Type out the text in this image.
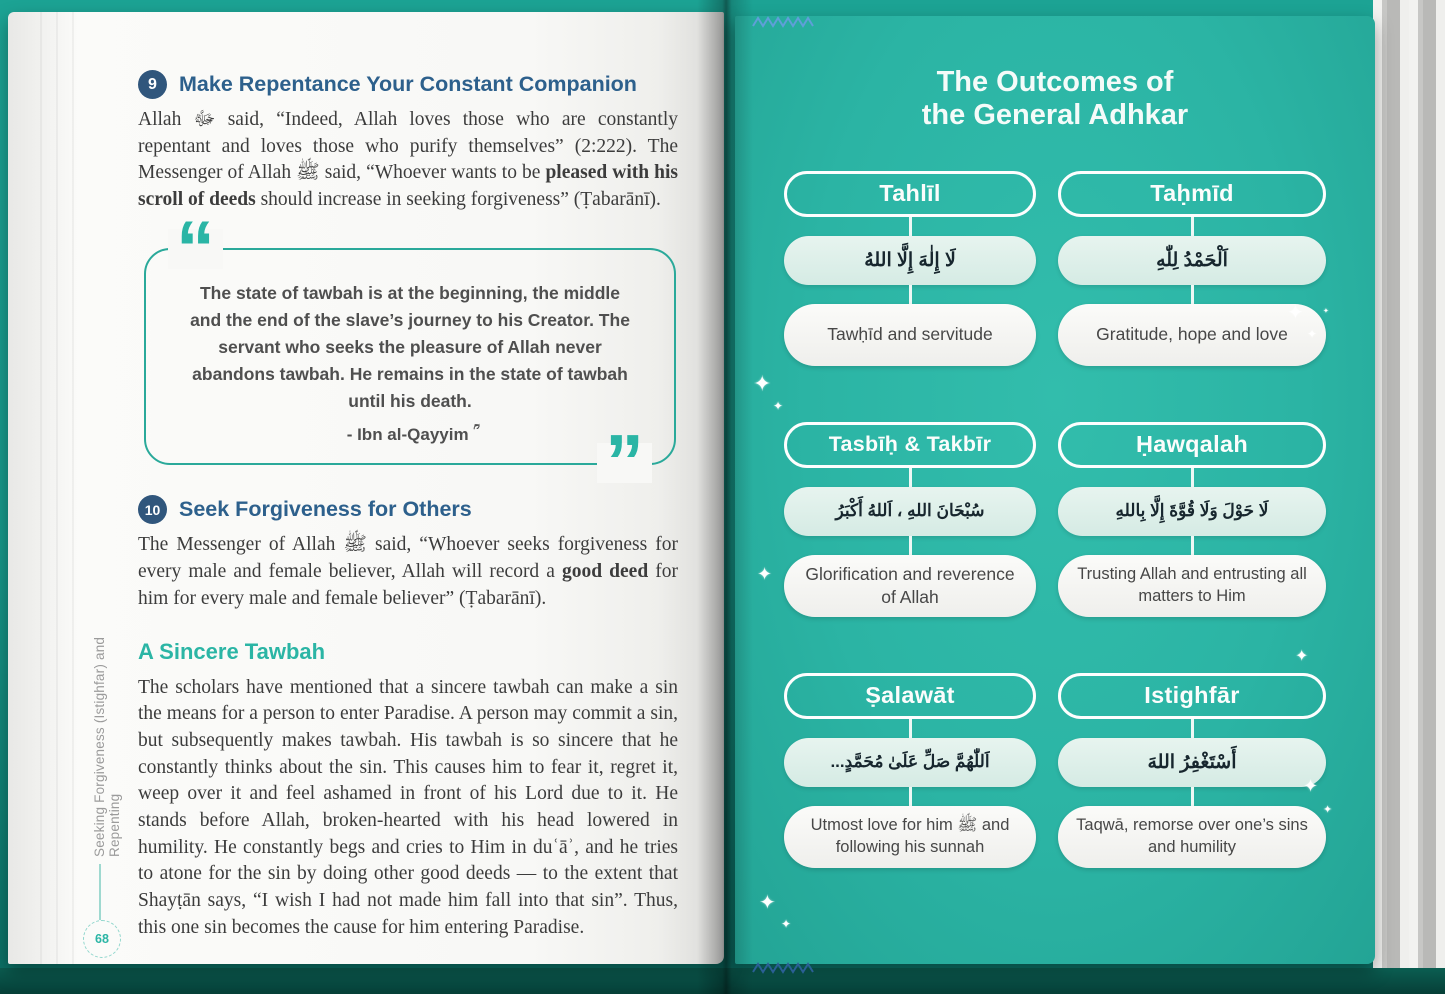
9	Make Repentance Your Constant Companion

Allah ﷻ said, “Indeed, Allah loves those who are constantly repentant and loves those who purify themselves” (2:222). The Messenger of Allah ﷺ said, “Whoever wants to be pleased with his scroll of deeds should increase in seeking forgiveness” (Ṭabarānī).

“
The state of tawbah is at the beginning, the middle and the end of the slave’s journey to his Creator. The servant who seeks the pleasure of Allah never abandons tawbah. He remains in the state of tawbah until his death.
- Ibn al-Qayyim ؒ	”
10 Seek Forgiveness for Others

The Messenger of Allah ﷺ said, “Whoever seeks forgiveness for every male and female believer, Allah will record a good deed for him for every male and female believer” (Ṭabarānī).

A Sincere Tawbah

The scholars have mentioned that a sincere tawbah can make a sin the means for a person to enter Paradise. A person may commit a sin, but subsequently makes tawbah. His tawbah is so sincere that he constantly thinks about the sin. This causes him to fear it, regret it, weep over it and feel ashamed in front of his Lord due to it. He stands before Allah, broken-hearted with his head lowered in humility. He constantly begs and cries to Him in duʿāʾ, and he tries to atone for the sin by doing other good deeds — to the extent that Shayṭān says, “I wish I had not made him fall into that sin”. Thus, this one sin becomes the cause for him entering Paradise.

Seeking Forgiveness (Istighfar) and Repenting
68
The Outcomes of
the General Adhkar
Tahlīl
لَا إِلٰهَ إِلَّا اللهُ
Tawḥīd and servitude
Taḥmīd
اَلْحَمْدُ لِلّٰهِ
Gratitude, hope and love
Tasbīḥ & Takbīr
سُبْحَانَ اللهِ ، اَللهُ أَكْبَرُ
Glorification and reverence of Allah
Ḥawqalah
لَا حَوْلَ وَلَا قُوَّةَ إِلَّا بِاللهِ
Trusting Allah and entrusting all matters to Him
Ṣalawāt
اَللّٰهُمَّ صَلِّ عَلَىٰ مُحَمَّدٍ...
Utmost love for him ﷺ and following his sunnah
Istighfār
أَسْتَغْفِرُ اللهَ
Taqwā, remorse over one’s sins and humility
✦
✦
✦
✦
✦
✦
✦
✦
✦
✦
✦
